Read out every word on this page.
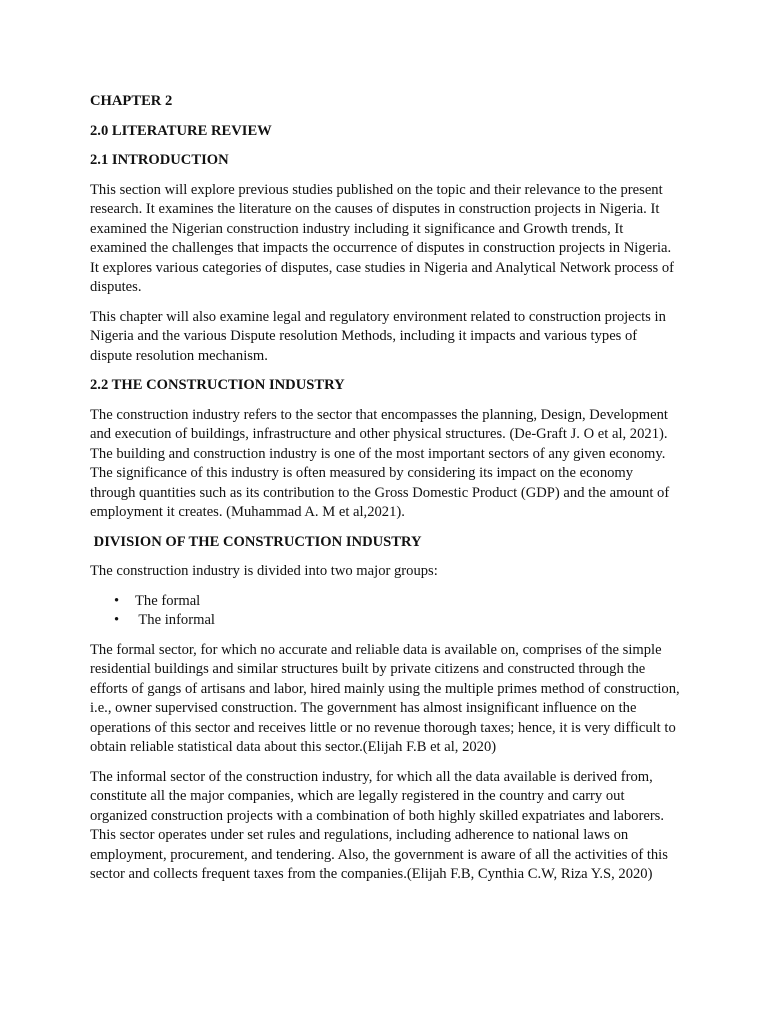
CHAPTER 2
2.0 LITERATURE REVIEW
2.1 INTRODUCTION

This section will explore previous studies published on the topic and their relevance to the present research. It examines the literature on the causes of disputes in construction projects in Nigeria. It examined the Nigerian construction industry including it significance and Growth trends, It examined the challenges that impacts the occurrence of disputes in construction projects in Nigeria. It explores various categories of disputes, case studies in Nigeria and Analytical Network process of disputes.

This chapter will also examine legal and regulatory environment related to construction projects in Nigeria and the various Dispute resolution Methods, including it impacts and various types of dispute resolution mechanism.

2.2 THE CONSTRUCTION INDUSTRY

The construction industry refers to the sector that encompasses the planning, Design, Development and execution of buildings, infrastructure and other physical structures. (De-Graft J. O et al, 2021). The building and construction industry is one of the most important sectors of any given economy. The significance of this industry is often measured by considering its impact on the economy through quantities such as its contribution to the Gross Domestic Product (GDP) and the amount of employment it creates. (Muhammad A. M et al,2021).

DIVISION OF THE CONSTRUCTION INDUSTRY

The construction industry is divided into two major groups:

• The formal
• The informal

The formal sector, for which no accurate and reliable data is available on, comprises of the simple residential buildings and similar structures built by private citizens and constructed through the efforts of gangs of artisans and labor, hired mainly using the multiple primes method of construction, i.e., owner supervised construction. The government has almost insignificant influence on the operations of this sector and receives little or no revenue thorough taxes; hence, it is very difficult to obtain reliable statistical data about this sector.(Elijah F.B et al, 2020)

The informal sector of the construction industry, for which all the data available is derived from, constitute all the major companies, which are legally registered in the country and carry out organized construction projects with a combination of both highly skilled expatriates and laborers. This sector operates under set rules and regulations, including adherence to national laws on employment, procurement, and tendering. Also, the government is aware of all the activities of this sector and collects frequent taxes from the companies.(Elijah F.B, Cynthia C.W, Riza Y.S, 2020)
